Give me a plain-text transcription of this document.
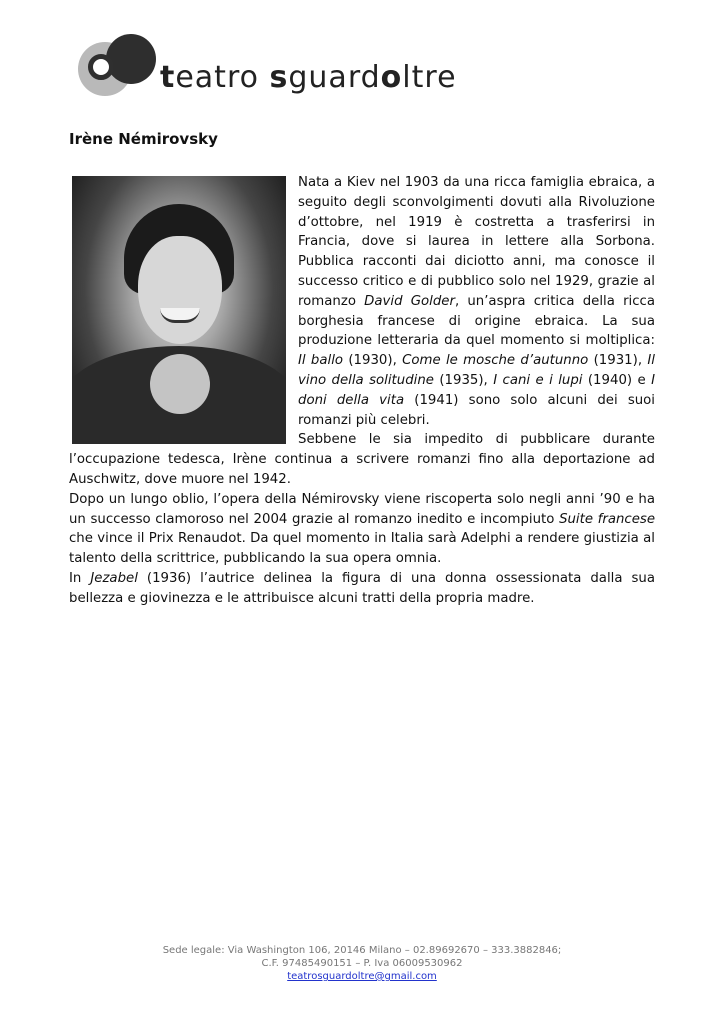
teatro sguardoltre

Irène Némirovsky

Nata a Kiev nel 1903 da una ricca famiglia ebraica, a seguito degli sconvolgimenti dovuti alla Rivoluzione d’ottobre, nel 1919 è costretta a trasferirsi in Francia, dove si laurea in lettere alla Sorbona. Pubblica racconti dai diciotto anni, ma conosce il successo critico e di pubblico solo nel 1929, grazie al romanzo David Golder, un’aspra critica della ricca borghesia francese di origine ebraica. La sua produzione letteraria da quel momento si moltiplica: Il ballo (1930), Come le mosche d’autunno (1931), Il vino della solitudine (1935), I cani e i lupi (1940) e I doni della vita (1941) sono solo alcuni dei suoi romanzi più celebri.

Sebbene le sia impedito di pubblicare durante l’occupazione tedesca, Irène continua a scrivere romanzi fino alla deportazione ad Auschwitz, dove muore nel 1942.

Dopo un lungo oblio, l’opera della Némirovsky viene riscoperta solo negli anni ’90 e ha un successo clamoroso nel 2004 grazie al romanzo inedito e incompiuto Suite francese che vince il Prix Renaudot. Da quel momento in Italia sarà Adelphi a rendere giustizia al talento della scrittrice, pubblicando la sua opera omnia.

In Jezabel (1936) l’autrice delinea la figura di una donna ossessionata dalla sua bellezza e giovinezza e le attribuisce alcuni tratti della propria madre.

Sede legale: Via Washington 106, 20146 Milano – 02.89692670 – 333.3882846;
C.F. 97485490151 – P. Iva 06009530962
teatrosguardoltre@gmail.com
